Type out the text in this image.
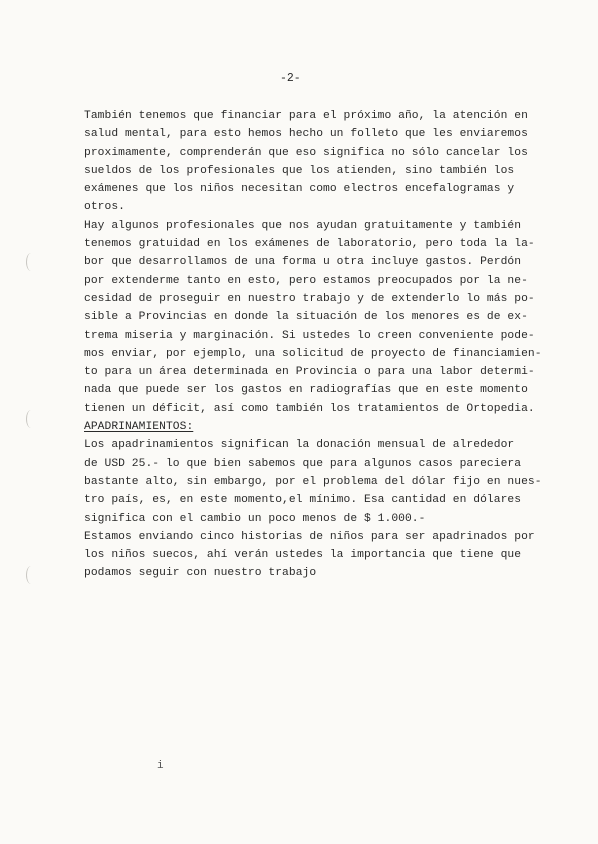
-2-
También tenemos que financiar para el próximo año, la atención en
salud mental, para esto hemos hecho un folleto que les enviaremos
proximamente, comprenderán que eso significa no sólo cancelar los
sueldos de los profesionales que los atienden, sino también los
exámenes que los niños necesitan como electros encefalogramas y
otros.
Hay algunos profesionales que nos ayudan gratuitamente y también
tenemos gratuidad en los exámenes de laboratorio, pero toda la la-
bor que desarrollamos de una forma u otra incluye gastos. Perdón
por extenderme tanto en esto, pero estamos preocupados por la ne-
cesidad de proseguir en nuestro trabajo y de extenderlo lo más po-
sible a Provincias en donde la situación de los menores es de ex-
trema miseria y marginación. Si ustedes lo creen conveniente pode-
mos enviar, por ejemplo, una solicitud de proyecto de financiamien-
to para un área determinada en Provincia o para una labor determi-
nada que puede ser los gastos en radiografías que en este momento
tienen un déficit, así como también los tratamientos de Ortopedia.
APADRINAMIENTOS:
Los apadrinamientos significan la donación mensual de alrededor
de USD 25.- lo que bien sabemos que para algunos casos pareciera
bastante alto, sin embargo, por el problema del dólar fijo en nues-
tro país, es, en este momento,el mínimo. Esa cantidad en dólares
significa con el cambio un poco menos de $ 1.000.-
Estamos enviando cinco historias de niños para ser apadrinados por
los niños suecos, ahí verán ustedes la importancia que tiene que
podamos seguir con nuestro trabajo
i
